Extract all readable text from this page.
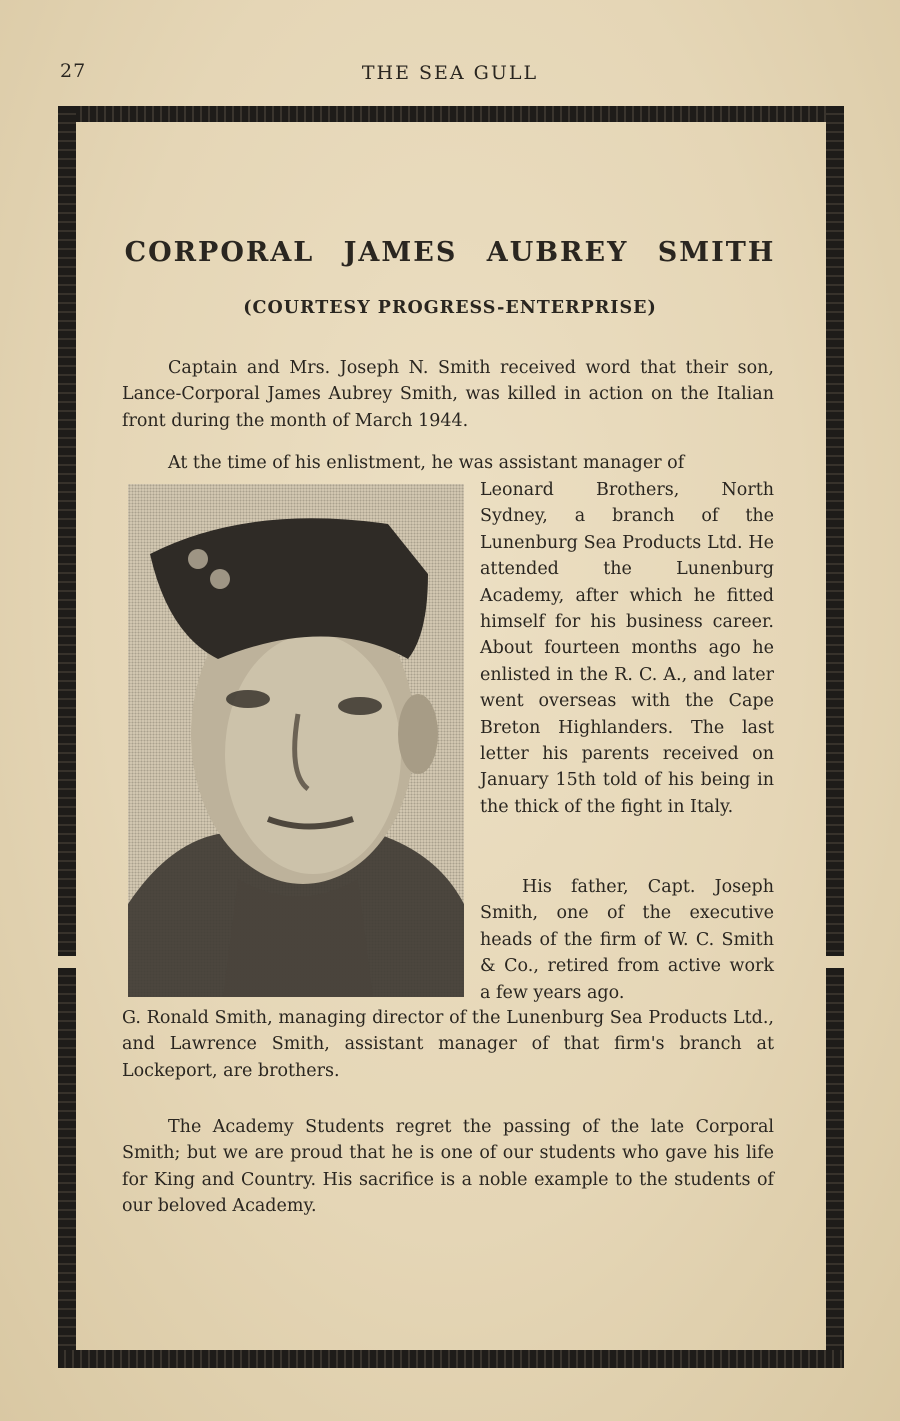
27	THE SEA GULL
CORPORAL JAMES AUBREY SMITH
(COURTESY PROGRESS-ENTERPRISE)

Captain and Mrs. Joseph N. Smith received word that their son, Lance-Corporal James Aubrey Smith, was killed in action on the Italian front during the month of March 1944.

At the time of his enlistment, he was assistant manager of

Leonard Brothers, North Sydney, a branch of the Lunenburg Sea Products Ltd. He attended the Lunenburg Academy, after which he fitted himself for his business career. About fourteen months ago he enlisted in the R. C. A., and later went overseas with the Cape Breton Highlanders. The last letter his parents received on January 15th told of his being in the thick of the fight in Italy.

His father, Capt. Joseph Smith, one of the executive heads of the firm of W. C. Smith & Co., retired from active work a few years ago.

G. Ronald Smith, managing director of the Lunenburg Sea Products Ltd., and Lawrence Smith, assistant manager of that firm's branch at Lockeport, are brothers.

The Academy Students regret the passing of the late Corporal Smith; but we are proud that he is one of our students who gave his life for King and Country. His sacrifice is a noble example to the students of our beloved Academy.
